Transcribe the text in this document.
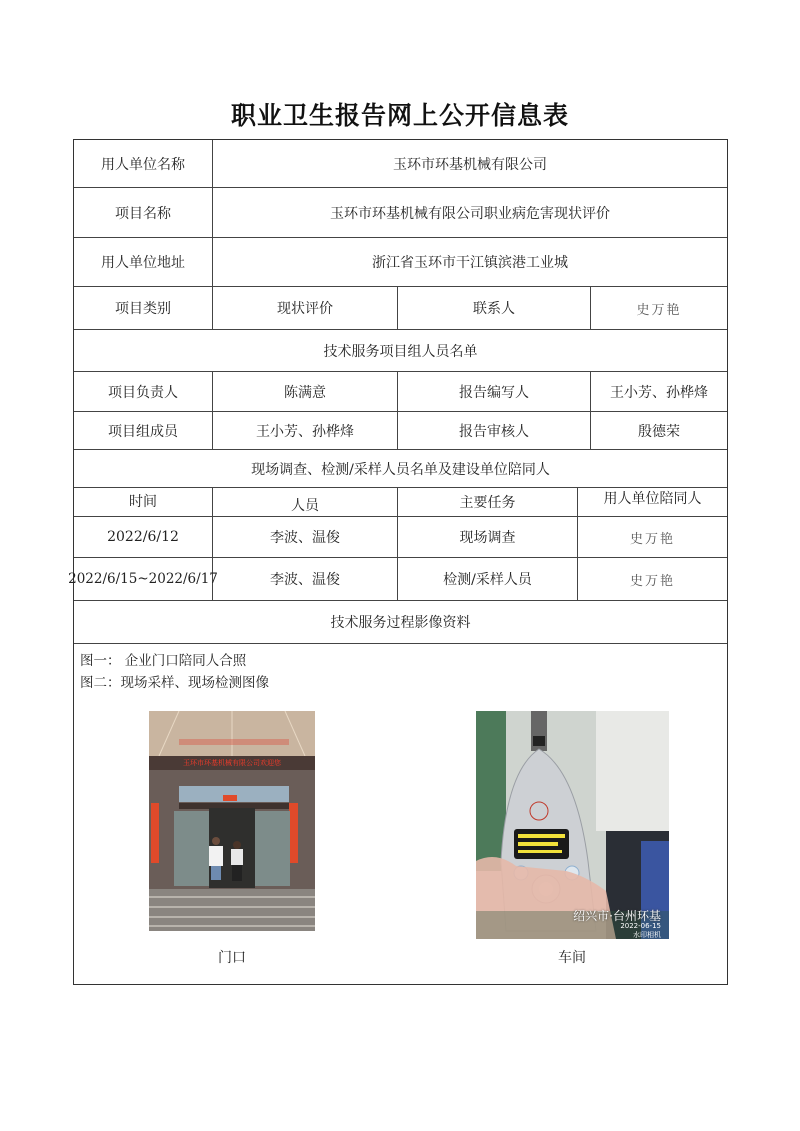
职业卫生报告网上公开信息表
用人单位名称	玉环市环基机械有限公司
项目名称	玉环市环基机械有限公司职业病危害现状评价
用人单位地址	浙江省玉环市干江镇滨港工业城
项目类别	现状评价	联系人	史万艳
技术服务项目组人员名单
项目负责人	陈满意	报告编写人	王小芳、孙桦烽
项目组成员	王小芳、孙桦烽	报告审核人	殷德荣
现场调查、检测/采样人员名单及建设单位陪同人
时间	人员	主要任务	用人单位陪同人
2022/6/12	李波、温俊	现场调查	史万艳
2022/6/15~2022/6/17	李波、温俊	检测/采样人员	史万艳
技术服务过程影像资料
图一： 企业门口陪同人合照
图二：现场采样、现场检测图像
玉环市环基机械有限公司欢迎您
门口
绍兴市·台州环基
2022-06-15
水印相机
车间
